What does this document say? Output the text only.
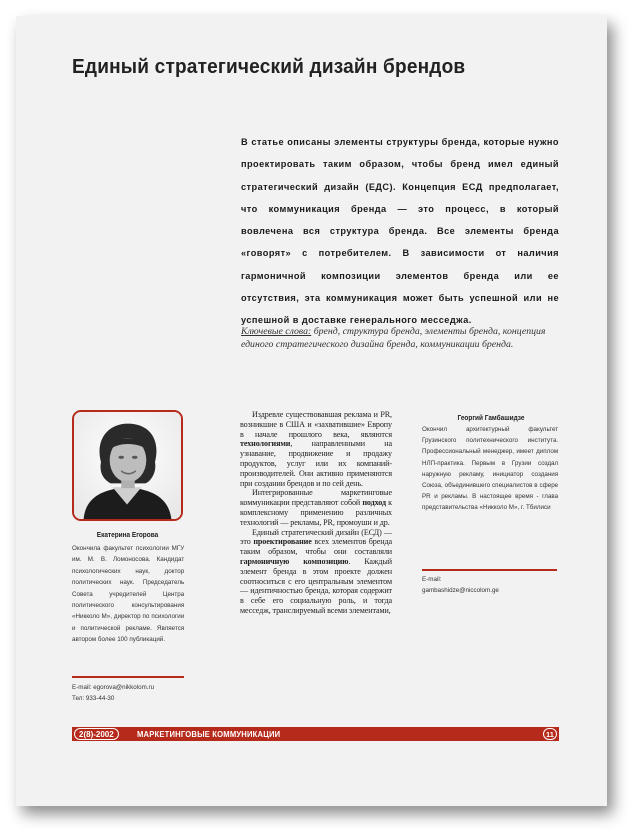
Единый стратегический дизайн брендов
В статье описаны элементы структуры бренда, которые нужно проектировать таким образом, чтобы бренд имел единый стратегический дизайн (ЕДС). Концепция ЕСД предполагает, что коммуникация бренда — это процесс, в который вовлечена вся структура бренда. Все элементы бренда «говорят» с потребителем. В зависимости от наличия гармоничной композиции элементов бренда или ее отсутствия, эта коммуникация может быть успешной или не успешной в доставке генерального месседжа.
Ключевые слова: бренд, структура бренда, элементы бренда, концепция единого стратегического дизайна бренда, коммуникации бренда.
Екатерина Егорова
Окончила факультет психологии МГУ им. М. В. Ломоносова. Кандидат психологических наук, доктор политических наук. Председатель Совета учредителей Центра политического консультирования «Никколо М», директор по психологии и политической рекламе. Является автором более 100 публикаций.
E-mail: egorova@nikkolom.ru
Тел: 933-44-30

Издревле существовавшая реклама и PR, возникшие в США и «захватившие» Европу в начале прошлого века, являются технологиями, направленными на узнавание, продвижение и продажу продуктов, услуг или их компаний-производителей. Они активно применяются при создании брендов и по сей день.

Интегрированные маркетинговые коммуникации представляют собой подход к комплексному применению различных технологий — рекламы, PR, промоушн и др.

Единый стратегический дизайн (ЕСД) — это проектирование всех элементов бренда таким образом, чтобы они составляли гармоничную композицию. Каждый элемент бренда в этом проекте должен соотноситься с его центральным элементом — идентичностью бренда, которая содержит в себе его социальную роль, и тогда месседж, транслируемый всеми элементами,

Георгий Гамбашидзе
Окончил архитектурный факультет Грузинского политехнического института. Профессиональный менеджер, имеет диплом НЛП-практика. Первым в Грузии создал наружную рекламу, инициатор создания Союза, объединившего специалистов в сфере PR и рекламы. В настоящее время - глава представительства «Никколо М», г. Тбилиси
E-mail:
gambashidze@niccolom.ge
2(8)-2002	МАРКЕТИНГОВЫЕ КОММУНИКАЦИИ	11
